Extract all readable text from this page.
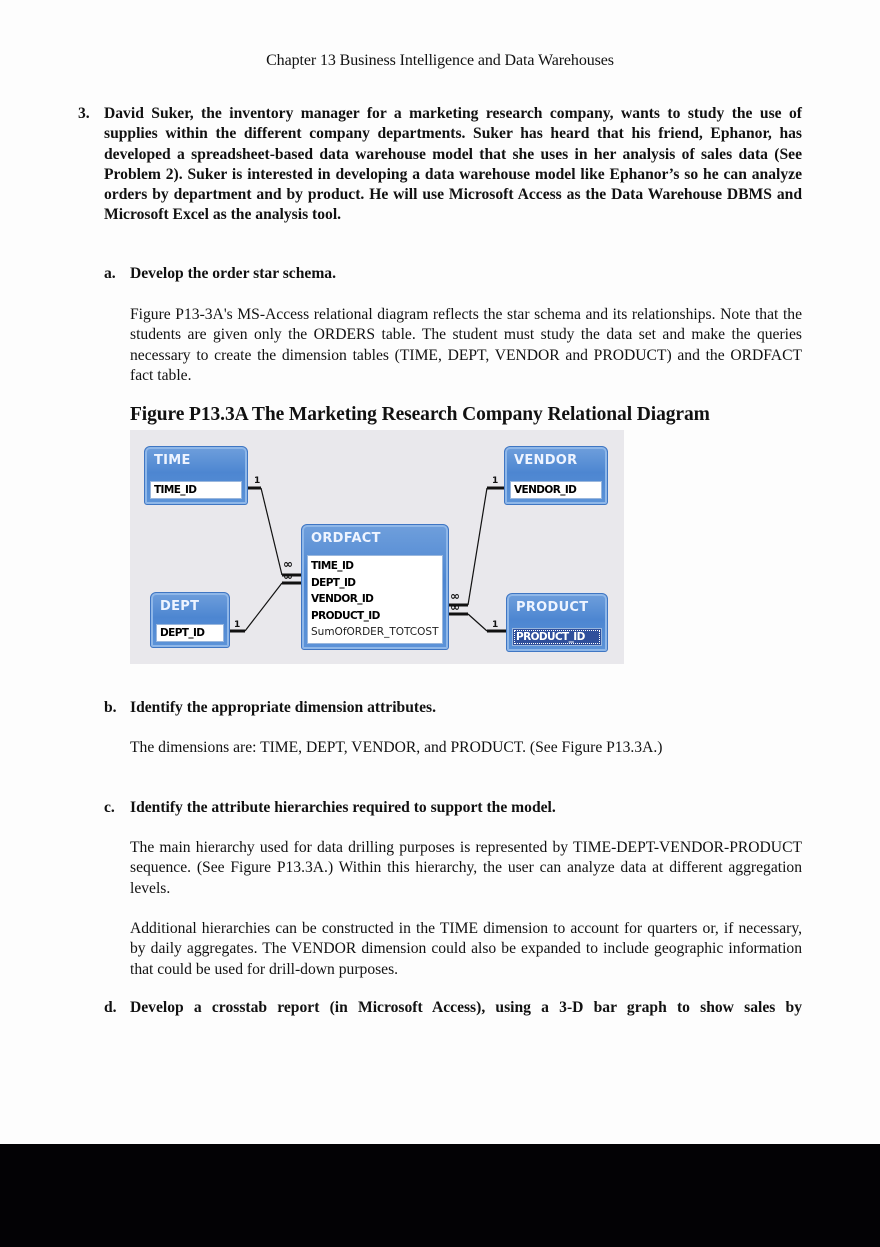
Chapter 13 Business Intelligence and Data Warehouses
3. David Suker, the inventory manager for a marketing research company, wants to study the use of supplies within the different company departments. Suker has heard that his friend, Ephanor, has developed a spreadsheet-based data warehouse model that she uses in her analysis of sales data (See Problem 2). Suker is interested in developing a data warehouse model like Ephanor’s so he can analyze orders by department and by product. He will use Microsoft Access as the Data Warehouse DBMS and Microsoft Excel as the analysis tool.
a. Develop the order star schema.
Figure P13-3A's MS-Access relational diagram reflects the star schema and its relationships. Note that the students are given only the ORDERS table. The student must study the data set and make the queries necessary to create the dimension tables (TIME, DEPT, VENDOR and PRODUCT) and the ORDFACT fact table.
Figure P13.3A The Marketing Research Company Relational Diagram
1
1
1
1
∞
∞
∞
∞
TIME
TIME_ID
DEPT
DEPT_ID
ORDFACT
TIME_ID
DEPT_ID
VENDOR_ID
PRODUCT_ID
SumOfORDER_TOTCOST
VENDOR
VENDOR_ID
PRODUCT
PRODUCT_ID
b. Identify the appropriate dimension attributes.
The dimensions are: TIME, DEPT, VENDOR, and PRODUCT. (See Figure P13.3A.)
c. Identify the attribute hierarchies required to support the model.
The main hierarchy used for data drilling purposes is represented by TIME-DEPT-VENDOR-PRODUCT sequence. (See Figure P13.3A.) Within this hierarchy, the user can analyze data at different aggregation levels.
Additional hierarchies can be constructed in the TIME dimension to account for quarters or, if necessary, by daily aggregates. The VENDOR dimension could also be expanded to include geographic information that could be used for drill-down purposes.
d. Develop a crosstab report (in Microsoft Access), using a 3-D bar graph to show sales by
